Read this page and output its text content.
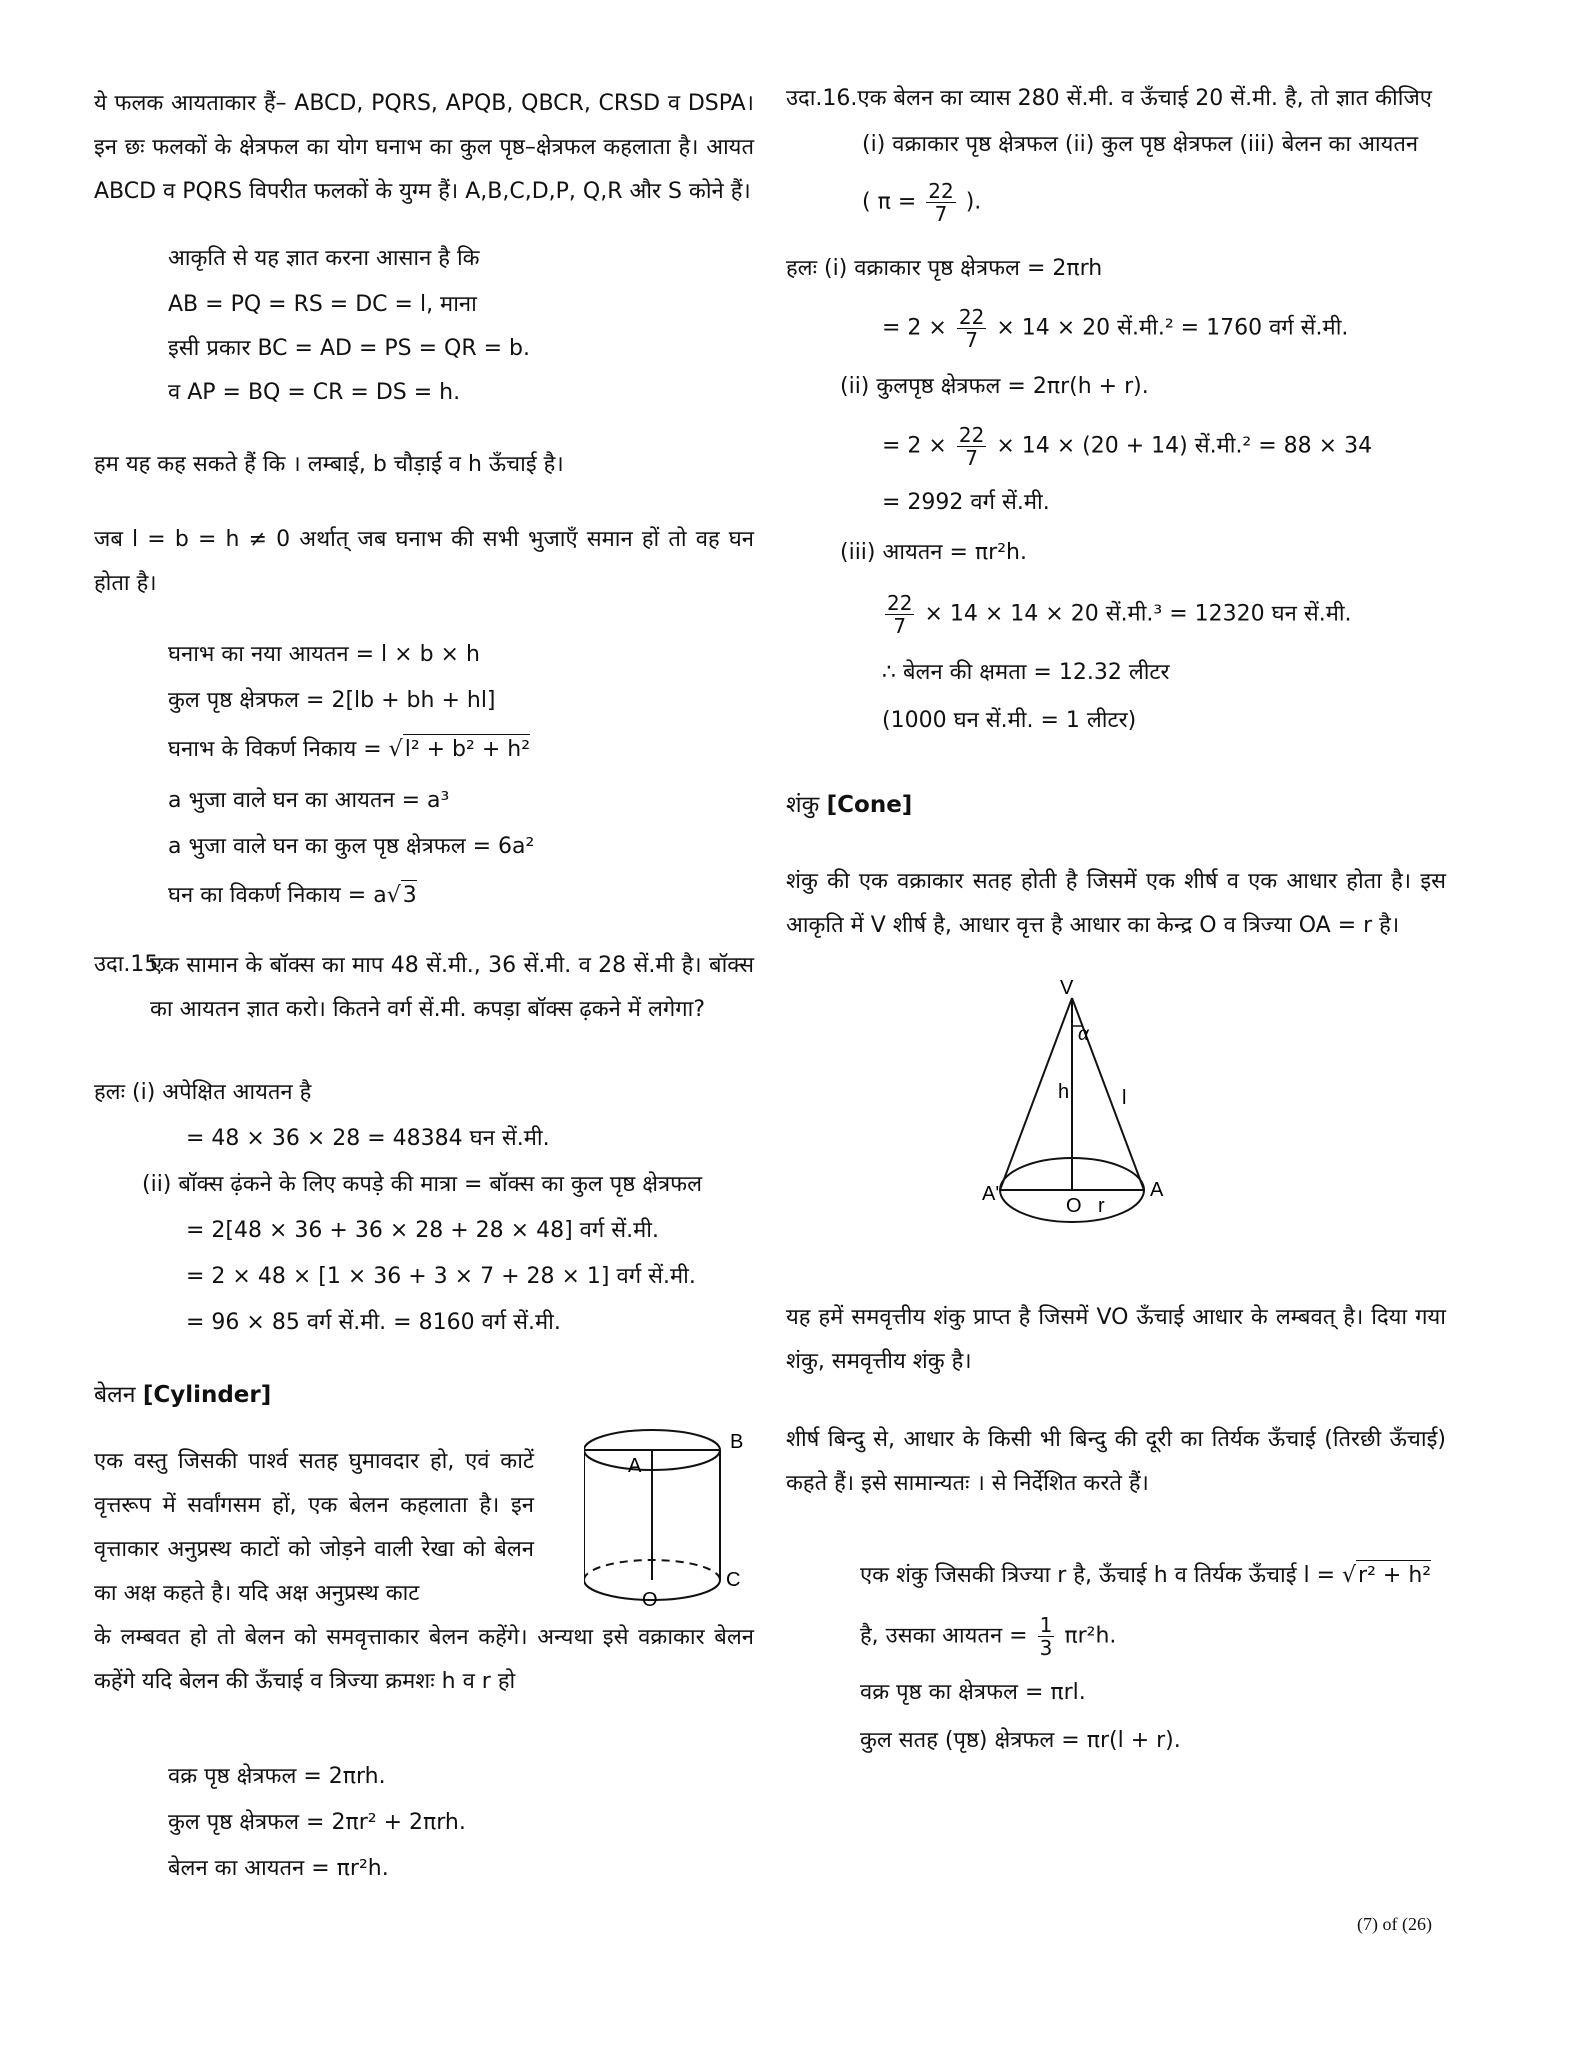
ये फलक आयताकार हैं– ABCD, PQRS, APQB, QBCR, CRSD व DSPA। इन छः फलकों के क्षेत्रफल का योग घनाभ का कुल पृष्ठ–क्षेत्रफल कहलाता है। आयत ABCD व PQRS विपरीत फलकों के युग्म हैं। A,B,C,D,P, Q,R और S कोने हैं।
आकृति से यह ज्ञात करना आसान है कि
AB = PQ = RS = DC = l, माना
इसी प्रकार BC = AD = PS = QR = b.
व AP = BQ = CR = DS = h.
हम यह कह सकते हैं कि । लम्बाई, b चौड़ाई व h ऊँचाई है।
जब l = b = h ≠ 0 अर्थात् जब घनाभ की सभी भुजाएँ समान हों तो वह घन होता है।
घनाभ का नया आयतन = l × b × h
कुल पृष्ठ क्षेत्रफल = 2[lb + bh + hl]
घनाभ के विकर्ण निकाय = √l² + b² + h²
a भुजा वाले घन का आयतन = a³
a भुजा वाले घन का कुल पृष्ठ क्षेत्रफल = 6a²
घन का विकर्ण निकाय = a√3
उदा.15.
एक सामान के बॉक्स का माप 48 सें.मी., 36 सें.मी. व 28 सें.मी है। बॉक्स का आयतन ज्ञात करो। कितने वर्ग सें.मी. कपड़ा बॉक्स ढ़कने में लगेगा?
हलः (i) अपेक्षित आयतन है
= 48 × 36 × 28 = 48384 घन सें.मी.
(ii) बॉक्स ढ़ंकने के लिए कपड़े की मात्रा = बॉक्स का कुल पृष्ठ क्षेत्रफल
= 2[48 × 36 + 36 × 28 + 28 × 48] वर्ग सें.मी.
= 2 × 48 × [1 × 36 + 3 × 7 + 28 × 1] वर्ग सें.मी.
= 96 × 85 वर्ग सें.मी. = 8160 वर्ग सें.मी.
बेलन [Cylinder]
एक वस्तु जिसकी पार्श्व सतह घुमावदार हो, एवं काटें वृत्तरूप में सर्वांगसम हों, एक बेलन कहलाता है। इन वृत्ताकार अनुप्रस्थ काटों को जोड़ने वाली रेखा को बेलन का अक्ष कहते है। यदि अक्ष अनुप्रस्थ काट
के लम्बवत हो तो बेलन को समवृत्ताकार बेलन कहेंगे। अन्यथा इसे वक्राकार बेलन कहेंगे यदि बेलन की ऊँचाई व त्रिज्या क्रमशः h व r हो
A
B
C
O
वक्र पृष्ठ क्षेत्रफल = 2πrh.
कुल पृष्ठ क्षेत्रफल = 2πr² + 2πrh.
बेलन का आयतन = πr²h.
उदा.16.एक बेलन का व्यास 280 सें.मी. व ऊँचाई 20 सें.मी. है, तो ज्ञात कीजिए
(i) वक्राकार पृष्ठ क्षेत्रफल (ii) कुल पृष्ठ क्षेत्रफल (iii) बेलन का आयतन
( $\pi = \frac{22}{7}$ ).
हलः (i) वक्राकार पृष्ठ क्षेत्रफल = 2πrh
= $2 \times \frac{22}{7} \times 14 \times 20$ सें.मी.² = 1760 वर्ग सें.मी.
(ii) कुलपृष्ठ क्षेत्रफल = 2πr(h + r).
= $2 \times \frac{22}{7} \times 14 \times (20 + 14)$ सें.मी.² = 88 × 34
= 2992 वर्ग सें.मी.
(iii) आयतन = πr²h.
$\frac{22}{7} \times 14 \times 14 \times 20$ सें.मी.³ = 12320 घन सें.मी.
∴ बेलन की क्षमता = 12.32 लीटर
(1000 घन सें.मी. = 1 लीटर)
शंकु [Cone]
शंकु की एक वक्राकार सतह होती है जिसमें एक शीर्ष व एक आधार होता है। इस आकृति में V शीर्ष है, आधार वृत्त है आधार का केन्द्र O व त्रिज्या OA = r है।
V
α
h	l
A'	A
O r
यह हमें समवृत्तीय शंकु प्राप्त है जिसमें VO ऊँचाई आधार के लम्बवत् है। दिया गया शंकु, समवृत्तीय शंकु है।
शीर्ष बिन्दु से, आधार के किसी भी बिन्दु की दूरी का तिर्यक ऊँचाई (तिरछी ऊँचाई) कहते हैं। इसे सामान्यतः । से निर्देशित करते हैं।
एक शंकु जिसकी त्रिज्या r है, ऊँचाई h व तिर्यक ऊँचाई l = √r² + h²
है, उसका आयतन = $\frac{1}{3} \pi r^2h$.
वक्र पृष्ठ का क्षेत्रफल = πrl.
कुल सतह (पृष्ठ) क्षेत्रफल = πr(l + r).
(7) of (26)
